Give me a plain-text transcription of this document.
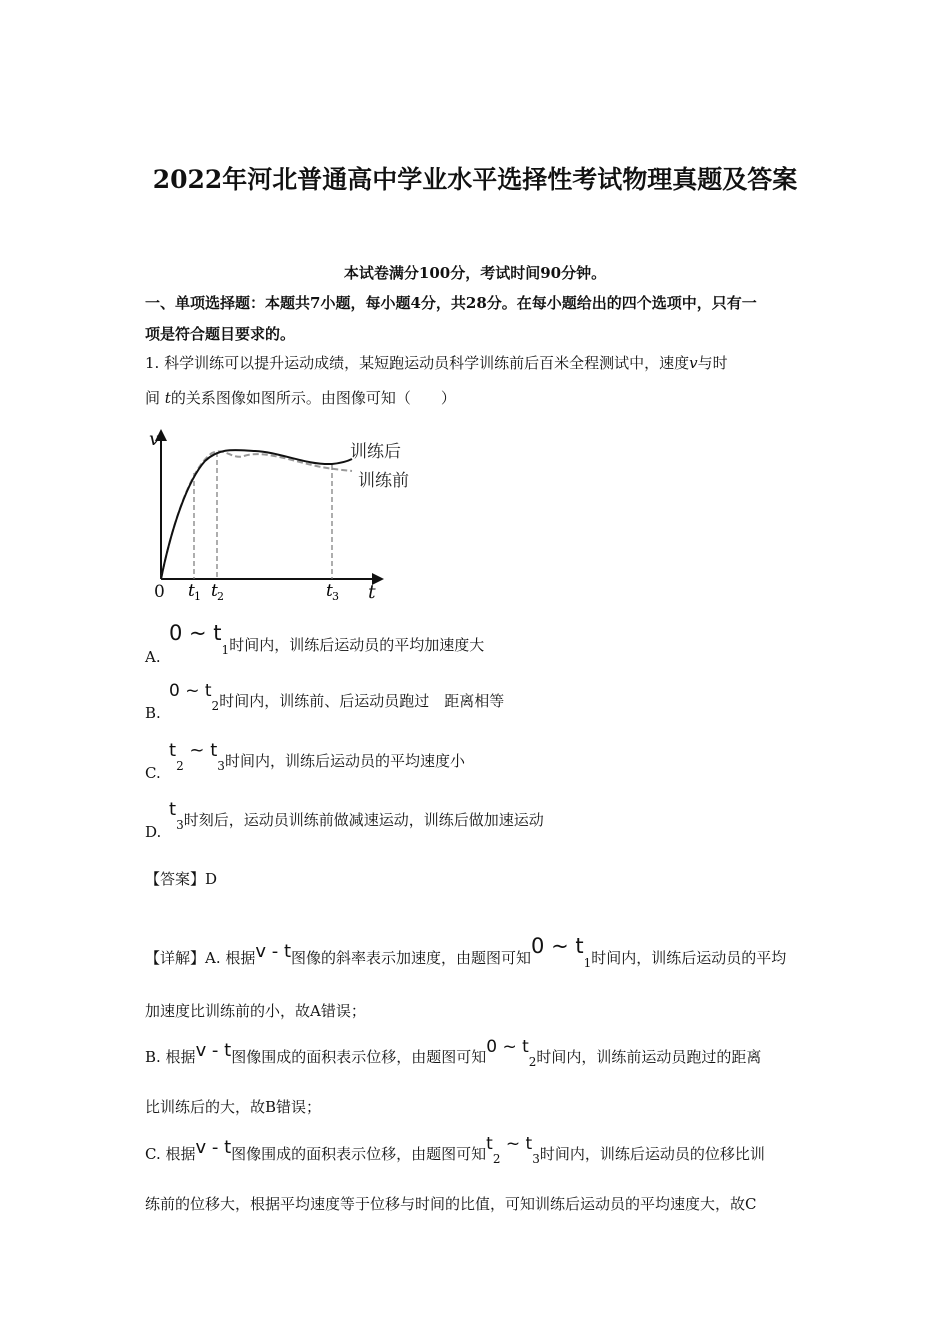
2022年河北普通高中学业水平选择性考试物理真题及答案
本试卷满分100分，考试时间90分钟。
一、单项选择题：本题共7小题，每小题4分，共28分。在每小题给出的四个选项中，只有一
项是符合题目要求的。
1. 科学训练可以提升运动成绩，某短跑运动员科学训练前后百米全程测试中，速度v与时
间 t的关系图像如图所示。由图像可知（　　）
v
0	t
t 1 t 2	t 3
训练后
训练前
A.0 ~ $t_1$时间内，训练后运动员的平均加速度大
B.0 ~ $t_2$时间内，训练前、后运动员跑过　距离相等
$C.t_2$ ~ $t_3$时间内，训练后运动员的平均速度小
$D.t_3$时刻后，运动员训练前做减速运动，训练后做加速运动
【答案】D
【详解】A. 根据v - t图像的斜率表示加速度，由题图可知0 ~ $t_1$时间内，训练后运动员的平均
加速度比训练前的小，故A错误；
B. 根据v - t图像围成的面积表示位移，由题图可知0 ~ $t_2$时间内，训练前运动员跑过的距离
比训练后的大，故B错误；
C. 根据v - t图像围成的面积表示位移，由题图可知$t_2$ ~ $t_3$时间内，训练后运动员的位移比训
练前的位移大，根据平均速度等于位移与时间的比值，可知训练后运动员的平均速度大，故C
